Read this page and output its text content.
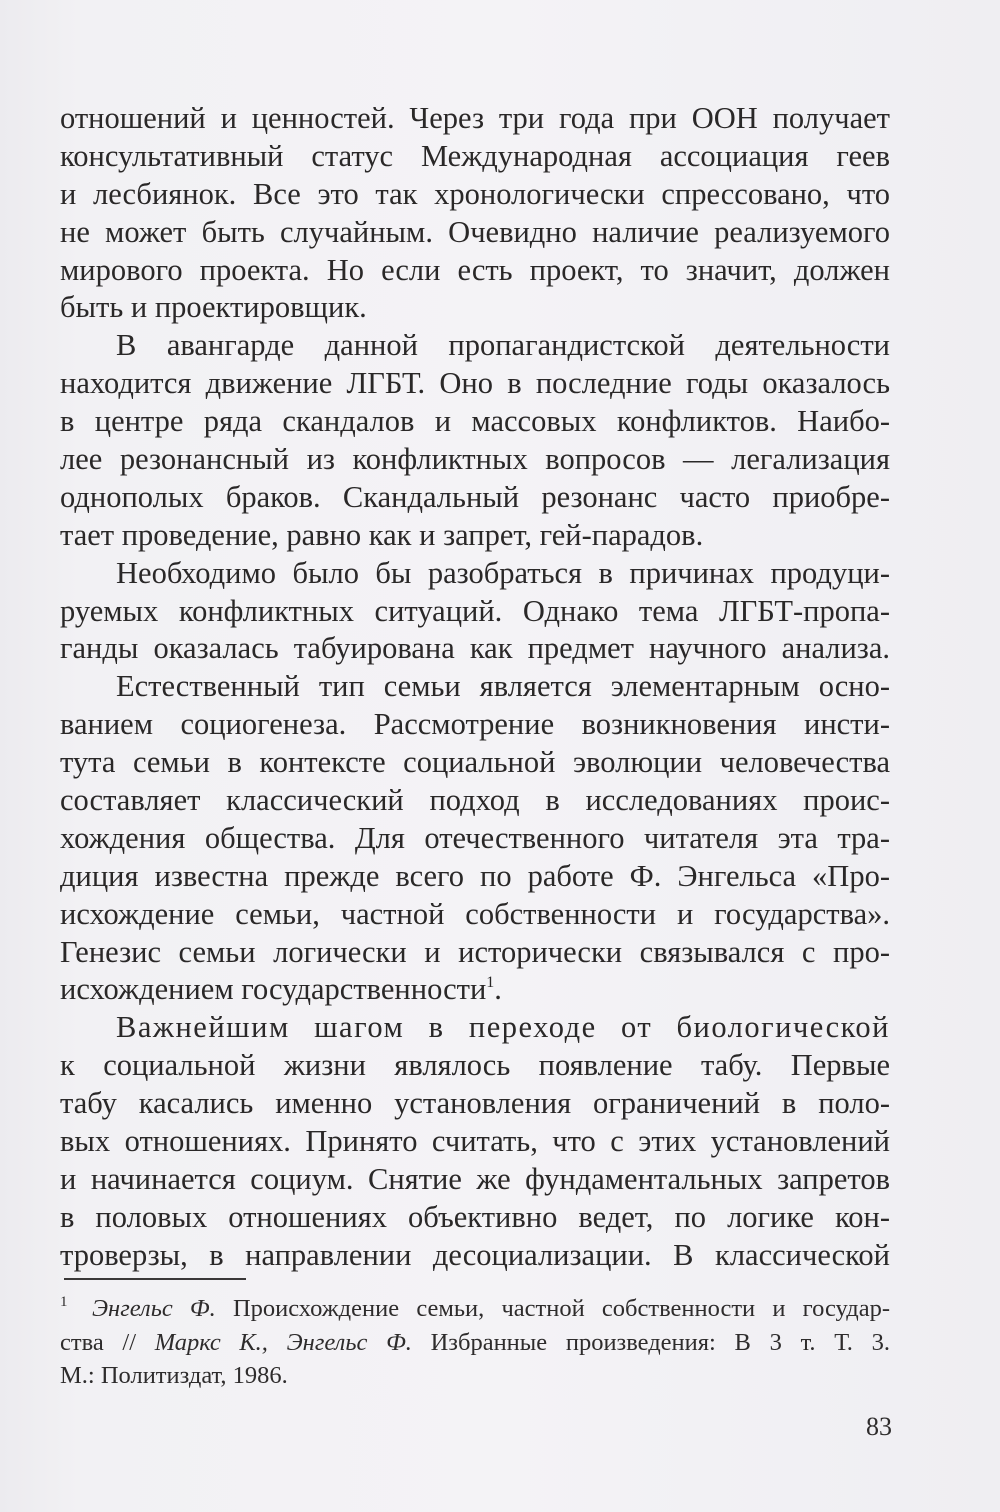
отношений и ценностей. Через три года при ООН получает
консультативный статус Международная ассоциация геев
и лесбиянок. Все это так хронологически спрессовано, что
не может быть случайным. Очевидно наличие реализуемого
мирового проекта. Но если есть проект, то значит, должен
быть и проектировщик.
В авангарде данной пропагандистской деятельности
находится движение ЛГБТ. Оно в последние годы оказалось
в центре ряда скандалов и массовых конфликтов. Наибо-
лее резонансный из конфликтных вопросов — легализация
однополых браков. Скандальный резонанс часто приобре-
тает проведение, равно как и запрет, гей-парадов.
Необходимо было бы разобраться в причинах продуци-
руемых конфликтных ситуаций. Однако тема ЛГБТ-пропа-
ганды оказалась табуирована как предмет научного анализа.
Естественный тип семьи является элементарным осно-
ванием социогенеза. Рассмотрение возникновения инсти-
тута семьи в контексте социальной эволюции человечества
составляет классический подход в исследованиях проис-
хождения общества. Для отечественного читателя эта тра-
диция известна прежде всего по работе Ф. Энгельса «Про-
исхождение семьи, частной собственности и государства».
Генезис семьи логически и исторически связывался с про-
исхождением государственности$^1$.
Важнейшим шагом в переходе от биологической
к социальной жизни являлось появление табу. Первые
табу касались именно установления ограничений в поло-
вых отношениях. Принято считать, что с этих установлений
и начинается социум. Снятие же фундаментальных запретов
в половых отношениях объективно ведет, по логике кон-
троверзы, в направлении десоциализации. В классической
1 Энгельс Ф. Происхождение семьи, частной собственности и государ-
ства // Маркс К., Энгельс Ф. Избранные произведения: В 3 т. Т. 3.
М.: Политиздат, 1986.
83
